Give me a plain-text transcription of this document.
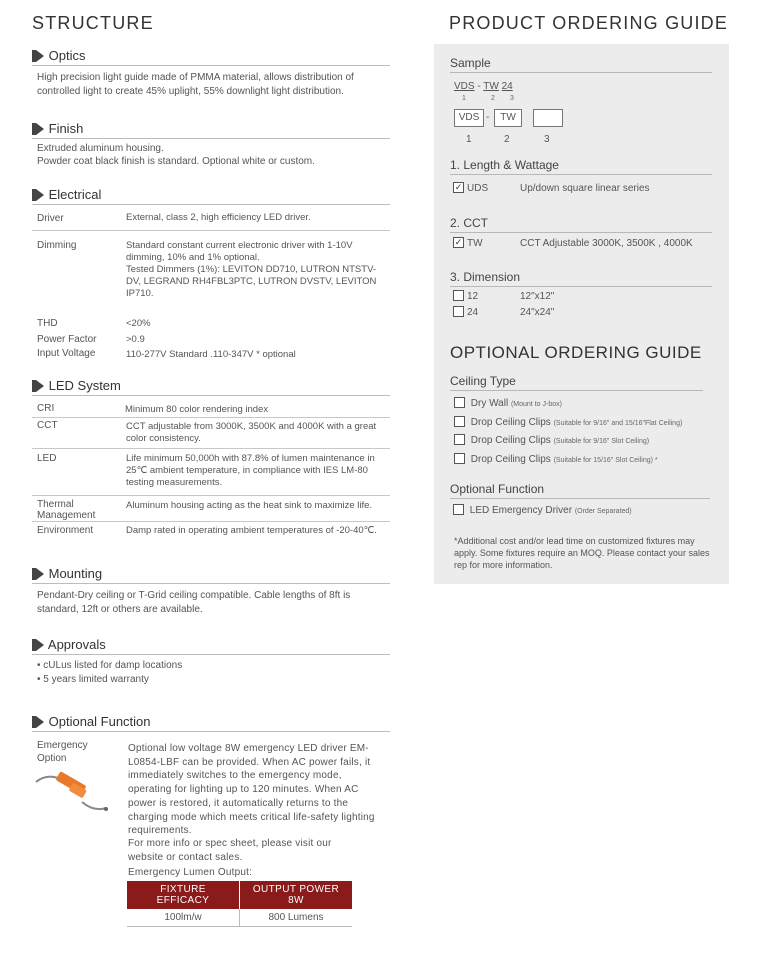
STRUCTURE
Optics
High precision light guide made of PMMA material, allows distribution of controlled light to create 45% uplight, 55% downlight light distribution.
Finish
Extruded aluminum housing.
Powder coat black finish is standard. Optional white or custom.
Electrical
Driver	External, class 2, high efficiency LED driver.
Dimming	Standard constant current electronic driver with 1-10V dimming, 10% and 1% optional.
Tested Dimmers (1%): LEVITON DD710, LUTRON NTSTV-DV, LEGRAND RH4FBL3PTC, LUTRON DVSTV, LEVITON IP710.
THD	<20%
Power Factor	>0.9
Input Voltage	110-277V Standard .110-347V * optional
LED System
CRI	Minimum 80 color rendering index
CCT	CCT adjustable from 3000K, 3500K and 4000K with a great color consistency.
LED	Life minimum 50,000h with 87.8% of lumen maintenance in 25℃ ambient temperature, in compliance with IES LM-80 testing measurements.
Thermal
Management
Aluminum housing acting as the heat sink to maximize life.
Environment	Damp rated in operating ambient temperatures of -20-40℃.
Mounting
Pendant-Dry ceiling or T-Grid ceiling compatible. Cable lengths of 8ft is standard, 12ft or others are available.
Approvals
• cULus listed for damp locations
• 5 years limited warranty
Optional Function
Emergency
Option
Optional low voltage 8W emergency LED driver EM-L0854-LBF can be provided. When AC power fails, it immediately switches to the emergency mode, operating for lighting up to 120 minutes. When AC power is restored, it automatically returns to the charging mode which meets critical life-safety lighting requirements.
For more info or spec sheet, please visit our website or contact sales.
Emergency Lumen Output:
FIXTURE EFFICACY	OUTPUT POWER 8W
100lm/w	800 Lumens
PRODUCT ORDERING GUIDE
Sample
VDS - TW 24
1	2 3
VDS -	TW
1	2	3
1. Length & Wattage
✓ UDS	Up/down square linear series
2. CCT
✓ TW	CCT Adjustable 3000K, 3500K , 4000K
3. Dimension
12	12"x12"
24	24"x24"
OPTIONAL ORDERING GUIDE
Ceiling Type
Dry Wall (Mount to J-box)
Drop Ceiling Clips (Suitable for 9/16" and 15/16"Flat Ceiling)
Drop Ceiling Clips (Suitable for 9/16" Slot Ceiling)
Drop Ceiling Clips (Suitable for 15/16" Slot Ceiling) *
Optional Function
LED Emergency Driver (Order Separated)
*Additional cost and/or lead time on customized fixtures may apply. Some fixtures require an MOQ. Please contact your sales rep for more information.
